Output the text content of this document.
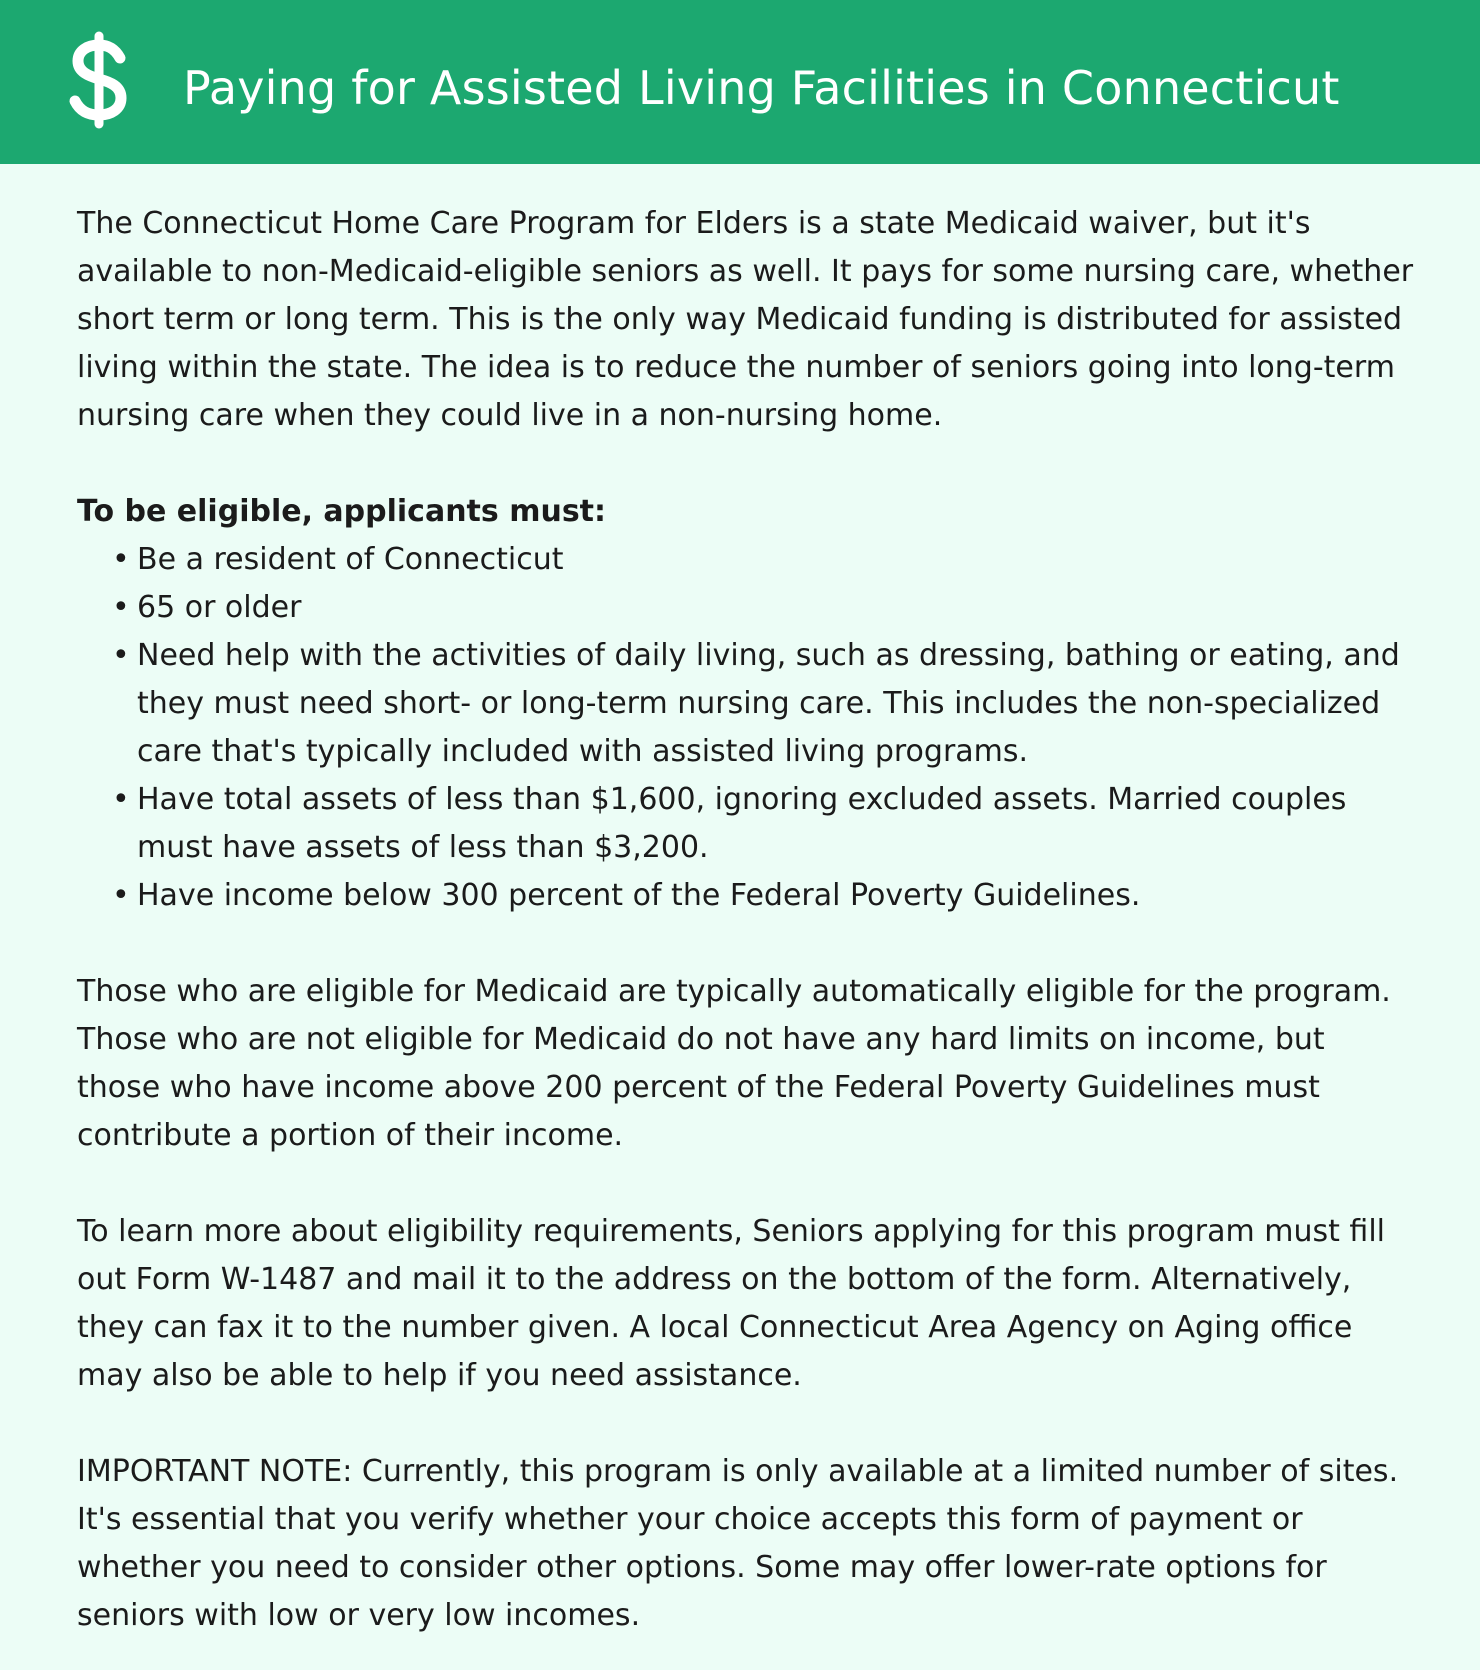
Paying for Assisted Living Facilities in Connecticut

The Connecticut Home Care Program for Elders is a state Medicaid waiver, but it's available to non-Medicaid-eligible seniors as well. It pays for some nursing care, whether short term or long term. This is the only way Medicaid funding is distributed for assisted living within the state. The idea is to reduce the number of seniors going into long-term nursing care when they could live in a non-nursing home.

To be eligible, applicants must:
• Be a resident of Connecticut
• 65 or older
• Need help with the activities of daily living, such as dressing, bathing or eating, and they must need short- or long-term nursing care. This includes the non-specialized care that's typically included with assisted living programs.
• Have total assets of less than $1,600, ignoring excluded assets. Married couples must have assets of less than $3,200.
• Have income below 300 percent of the Federal Poverty Guidelines.

Those who are eligible for Medicaid are typically automatically eligible for the program. Those who are not eligible for Medicaid do not have any hard limits on income, but those who have income above 200 percent of the Federal Poverty Guidelines must contribute a portion of their income.

To learn more about eligibility requirements, Seniors applying for this program must fill out Form W-1487 and mail it to the address on the bottom of the form. Alternatively, they can fax it to the number given. A local Connecticut Area Agency on Aging office may also be able to help if you need assistance.

IMPORTANT NOTE: Currently, this program is only available at a limited number of sites. It's essential that you verify whether your choice accepts this form of payment or whether you need to consider other options. Some may offer lower-rate options for seniors with low or very low incomes.
